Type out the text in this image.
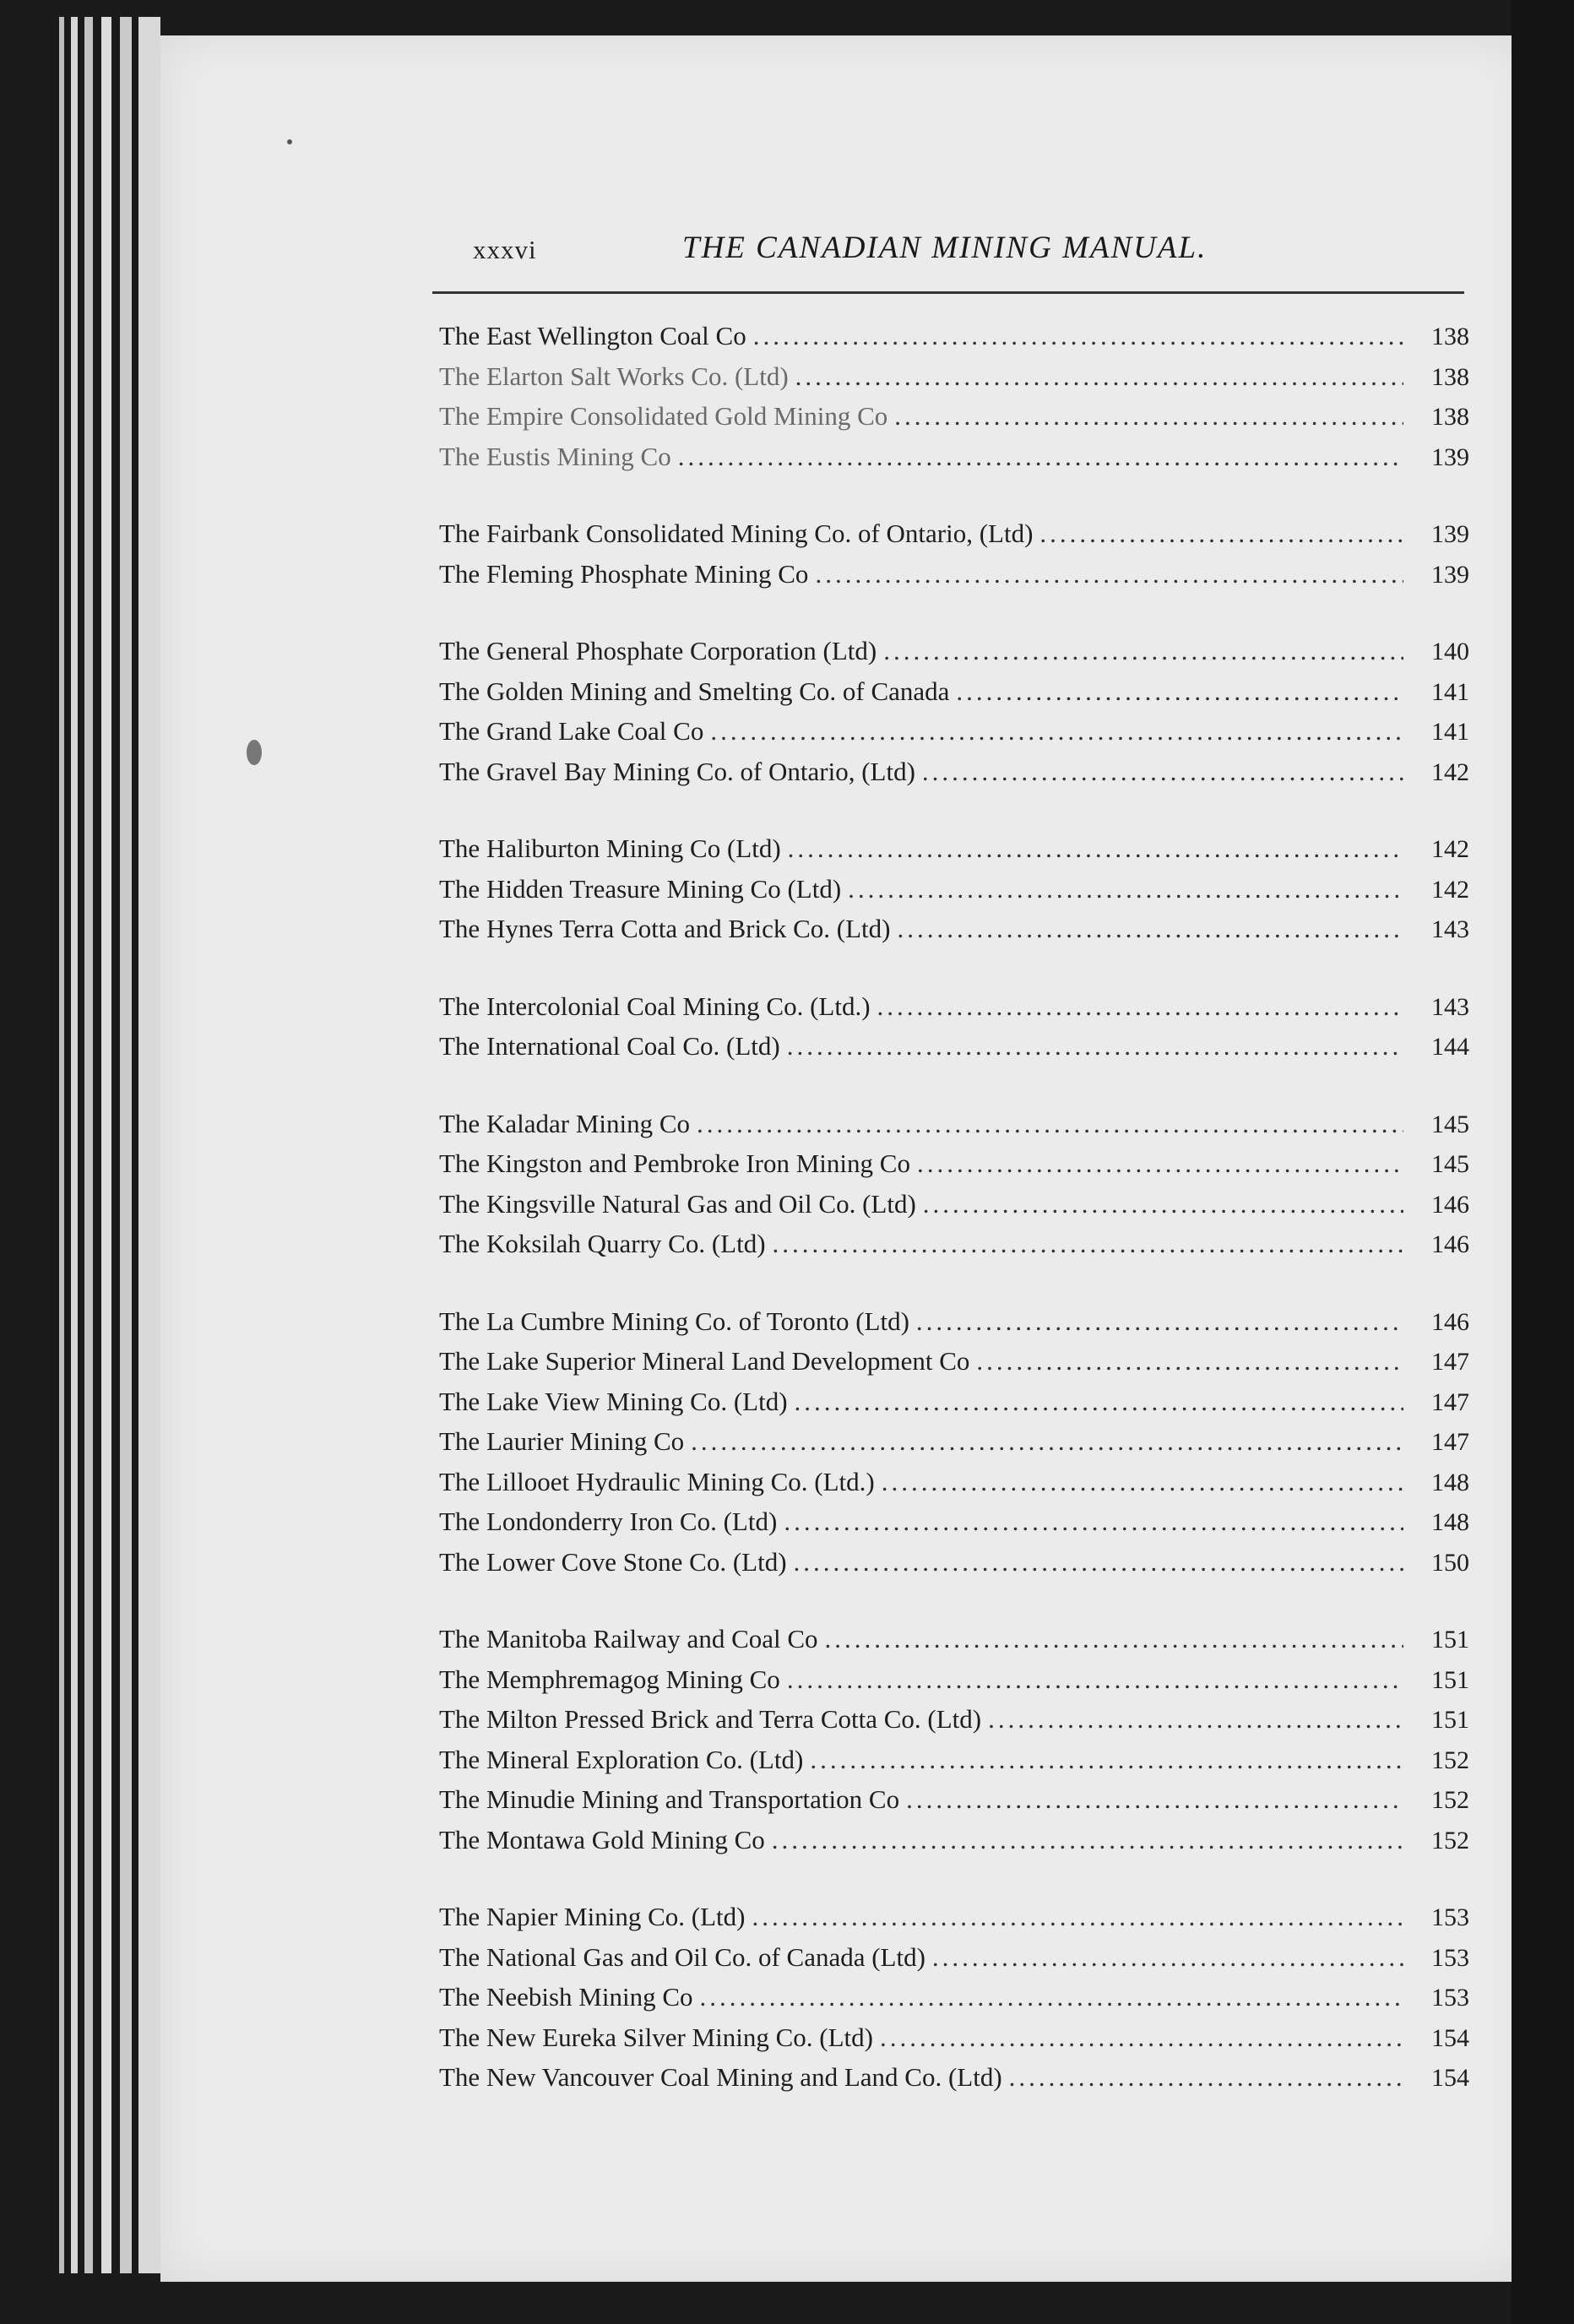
xxxvi	THE CANADIAN MINING MANUAL.
The East Wellington Coal Co .....	138
The Elarton Salt Works Co. (Ltd) .....	138
The Empire Consolidated Gold Mining Co .....	138
The Eustis Mining Co .....	139
The Fairbank Consolidated Mining Co. of Ontario, (Ltd) .....	139
The Fleming Phosphate Mining Co .....	139
The General Phosphate Corporation (Ltd) .....	140
The Golden Mining and Smelting Co. of Canada .....	141
The Grand Lake Coal Co .....	141
The Gravel Bay Mining Co. of Ontario, (Ltd) .....	142
The Haliburton Mining Co (Ltd) .....	142
The Hidden Treasure Mining Co (Ltd) .....	142
The Hynes Terra Cotta and Brick Co. (Ltd) .....	143
The Intercolonial Coal Mining Co. (Ltd.) .....	143
The International Coal Co. (Ltd) .....	144
The Kaladar Mining Co .....	145
The Kingston and Pembroke Iron Mining Co .....	145
The Kingsville Natural Gas and Oil Co. (Ltd) .....	146
The Koksilah Quarry Co. (Ltd) .....	146
The La Cumbre Mining Co. of Toronto (Ltd) .....	146
The Lake Superior Mineral Land Development Co .....	147
The Lake View Mining Co. (Ltd) .....	147
The Laurier Mining Co .....	147
The Lillooet Hydraulic Mining Co. (Ltd.) .....	148
The Londonderry Iron Co. (Ltd) .....	148
The Lower Cove Stone Co. (Ltd) .....	150
The Manitoba Railway and Coal Co .....	151
The Memphremagog Mining Co .....	151
The Milton Pressed Brick and Terra Cotta Co. (Ltd) .....	151
The Mineral Exploration Co. (Ltd) .....	152
The Minudie Mining and Transportation Co .....	152
The Montawa Gold Mining Co .....	152
The Napier Mining Co. (Ltd) .....	153
The National Gas and Oil Co. of Canada (Ltd) .....	153
The Neebish Mining Co .....	153
The New Eureka Silver Mining Co. (Ltd) .....	154
The New Vancouver Coal Mining and Land Co. (Ltd) .....	154
